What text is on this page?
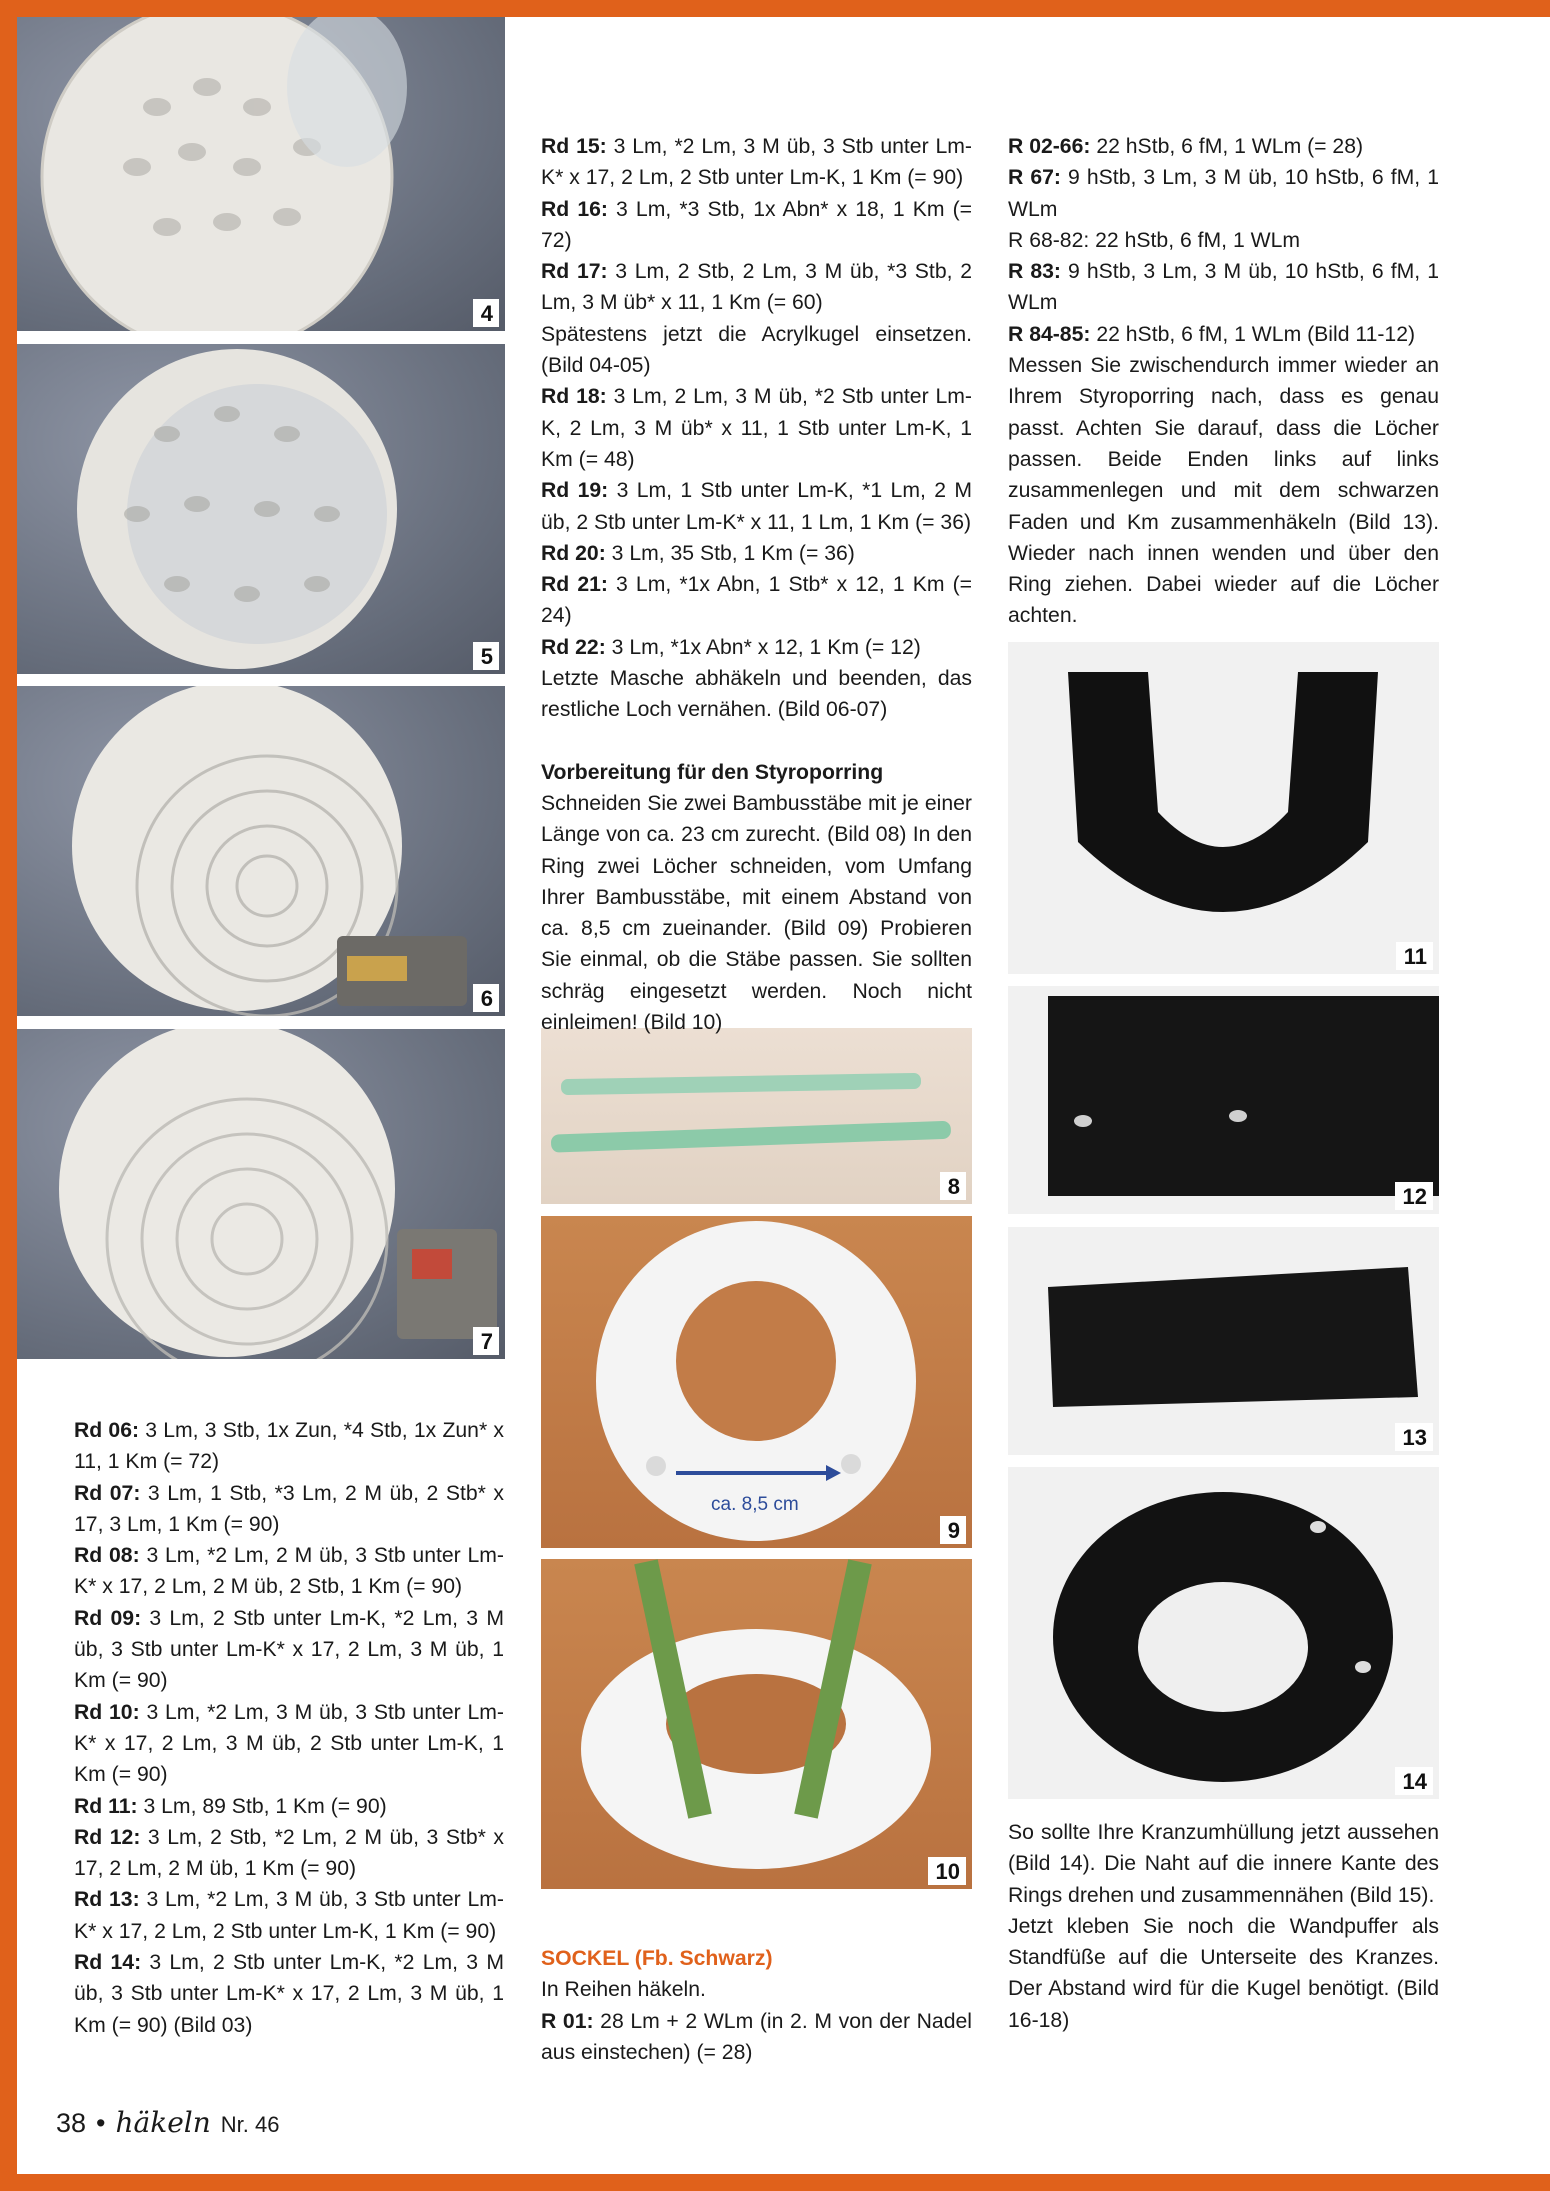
4
5
6
7
8
ca. 8,5 cm
9
10
11
12
13
14

Rd 06: 3 Lm, 3 Stb, 1x Zun, *4 Stb, 1x Zun* x 11, 1 Km (= 72)

Rd 07: 3 Lm, 1 Stb, *3 Lm, 2 M üb, 2 Stb* x 17, 3 Lm, 1 Km (= 90)

Rd 08: 3 Lm, *2 Lm, 2 M üb, 3 Stb unter Lm-K* x 17, 2 Lm, 2 M üb, 2 Stb, 1 Km (= 90)

Rd 09: 3 Lm, 2 Stb unter Lm-K, *2 Lm, 3 M üb, 3 Stb unter Lm-K* x 17, 2 Lm, 3 M üb, 1 Km (= 90)

Rd 10: 3 Lm, *2 Lm, 3 M üb, 3 Stb unter Lm-K* x 17, 2 Lm, 3 M üb, 2 Stb unter Lm-K, 1 Km (= 90)

Rd 11: 3 Lm, 89 Stb, 1 Km (= 90)

Rd 12: 3 Lm, 2 Stb, *2 Lm, 2 M üb, 3 Stb* x 17, 2 Lm, 2 M üb, 1 Km (= 90)

Rd 13: 3 Lm, *2 Lm, 3 M üb, 3 Stb unter Lm-K* x 17, 2 Lm, 2 Stb unter Lm-K, 1 Km (= 90)

Rd 14: 3 Lm, 2 Stb unter Lm-K, *2 Lm, 3 M üb, 3 Stb unter Lm-K* x 17, 2 Lm, 3 M üb, 1 Km (= 90) (Bild 03)

Rd 15: 3 Lm, *2 Lm, 3 M üb, 3 Stb unter Lm-K* x 17, 2 Lm, 2 Stb unter Lm-K, 1 Km (= 90)

Rd 16: 3 Lm, *3 Stb, 1x Abn* x 18, 1 Km (= 72)

Rd 17: 3 Lm, 2 Stb, 2 Lm, 3 M üb, *3 Stb, 2 Lm, 3 M üb* x 11, 1 Km (= 60)

Spätestens jetzt die Acrylkugel einsetzen. (Bild 04-05)

Rd 18: 3 Lm, 2 Lm, 3 M üb, *2 Stb unter Lm-K, 2 Lm, 3 M üb* x 11, 1 Stb unter Lm-K, 1 Km (= 48)

Rd 19: 3 Lm, 1 Stb unter Lm-K, *1 Lm, 2 M üb, 2 Stb unter Lm-K* x 11, 1 Lm, 1 Km (= 36)

Rd 20: 3 Lm, 35 Stb, 1 Km (= 36)

Rd 21: 3 Lm, *1x Abn, 1 Stb* x 12, 1 Km (= 24)

Rd 22: 3 Lm, *1x Abn* x 12, 1 Km (= 12)

Letzte Masche abhäkeln und beenden, das restliche Loch vernähen. (Bild 06-07)

Vorbereitung für den Styroporring

Schneiden Sie zwei Bambusstäbe mit je einer Länge von ca. 23 cm zurecht. (Bild 08) In den Ring zwei Löcher schneiden, vom Umfang Ihrer Bambusstäbe, mit einem Abstand von ca. 8,5 cm zueinander. (Bild 09) Probieren Sie einmal, ob die Stäbe passen. Sie sollten schräg eingesetzt werden. Noch nicht einleimen! (Bild 10)

SOCKEL (Fb. Schwarz)

In Reihen häkeln.

R 01: 28 Lm + 2 WLm (in 2. M von der Nadel aus einstechen) (= 28)

R 02-66: 22 hStb, 6 fM, 1 WLm (= 28)

R 67: 9 hStb, 3 Lm, 3 M üb, 10 hStb, 6 fM, 1 WLm

R 68-82: 22 hStb, 6 fM, 1 WLm

R 83: 9 hStb, 3 Lm, 3 M üb, 10 hStb, 6 fM, 1 WLm

R 84-85: 22 hStb, 6 fM, 1 WLm (Bild 11-12)

Messen Sie zwischendurch immer wieder an Ihrem Styroporring nach, dass es genau passt. Achten Sie darauf, dass die Löcher passen. Beide Enden links auf links zusammenlegen und mit dem schwarzen Faden und Km zusammenhäkeln (Bild 13). Wieder nach innen wenden und über den Ring ziehen. Dabei wieder auf die Löcher achten.

So sollte Ihre Kranzumhüllung jetzt aussehen (Bild 14). Die Naht auf die innere Kante des Rings drehen und zusammennähen (Bild 15).

Jetzt kleben Sie noch die Wandpuffer als Standfüße auf die Unterseite des Kranzes. Der Abstand wird für die Kugel benötigt. (Bild 16-18)

38 • häkeln Nr. 46
